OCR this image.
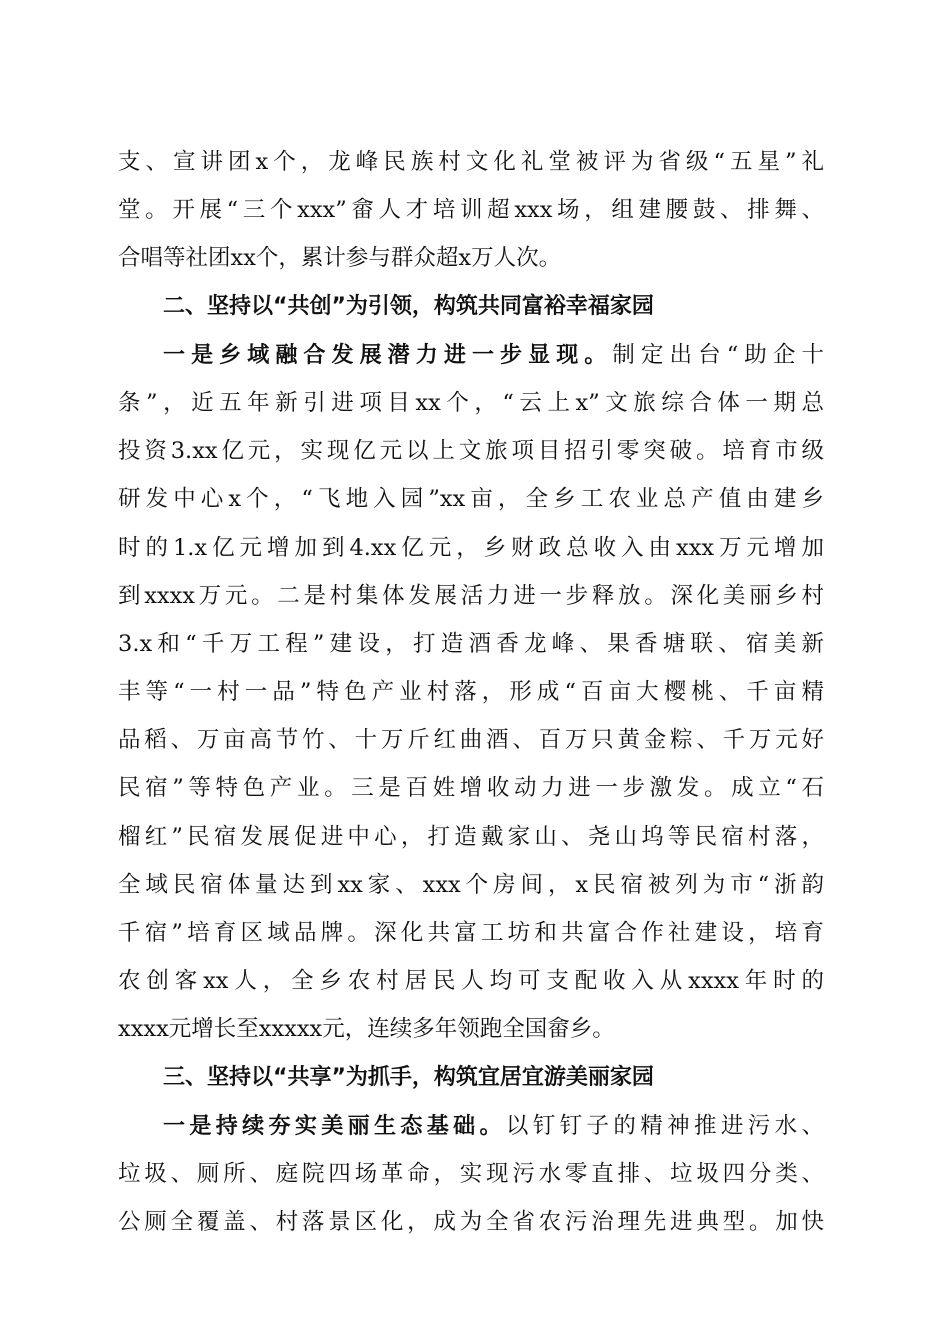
支、宣讲团x个，龙峰民族村文化礼堂被评为省级“五星”礼
堂。开展“三个xxx”畲人才培训超xxx场，组建腰鼓、排舞、
合唱等社团xx个，累计参与群众超x万人次。
二、坚持以“共创”为引领，构筑共同富裕幸福家园
一是乡域融合发展潜力进一步显现。制定出台“助企十
条”，近五年新引进项目xx个，“云上x”文旅综合体一期总
投资3.xx亿元，实现亿元以上文旅项目招引零突破。培育市级
研发中心x个，“飞地入园”xx亩，全乡工农业总产值由建乡
时的1.x亿元增加到4.xx亿元，乡财政总收入由xxx万元增加
到xxxx万元。二是村集体发展活力进一步释放。深化美丽乡村
3.x和“千万工程”建设，打造酒香龙峰、果香塘联、宿美新
丰等“一村一品”特色产业村落，形成“百亩大樱桃、千亩精
品稻、万亩高节竹、十万斤红曲酒、百万只黄金粽、千万元好
民宿”等特色产业。三是百姓增收动力进一步激发。成立“石
榴红”民宿发展促进中心，打造戴家山、尧山坞等民宿村落，
全域民宿体量达到xx家、xxx个房间，x民宿被列为市“浙韵
千宿”培育区域品牌。深化共富工坊和共富合作社建设，培育
农创客xx人，全乡农村居民人均可支配收入从xxxx年时的
xxxx元增长至xxxxx元，连续多年领跑全国畲乡。
三、坚持以“共享”为抓手，构筑宜居宜游美丽家园
一是持续夯实美丽生态基础。以钉钉子的精神推进污水、
垃圾、厕所、庭院四场革命，实现污水零直排、垃圾四分类、
公厕全覆盖、村落景区化，成为全省农污治理先进典型。加快
